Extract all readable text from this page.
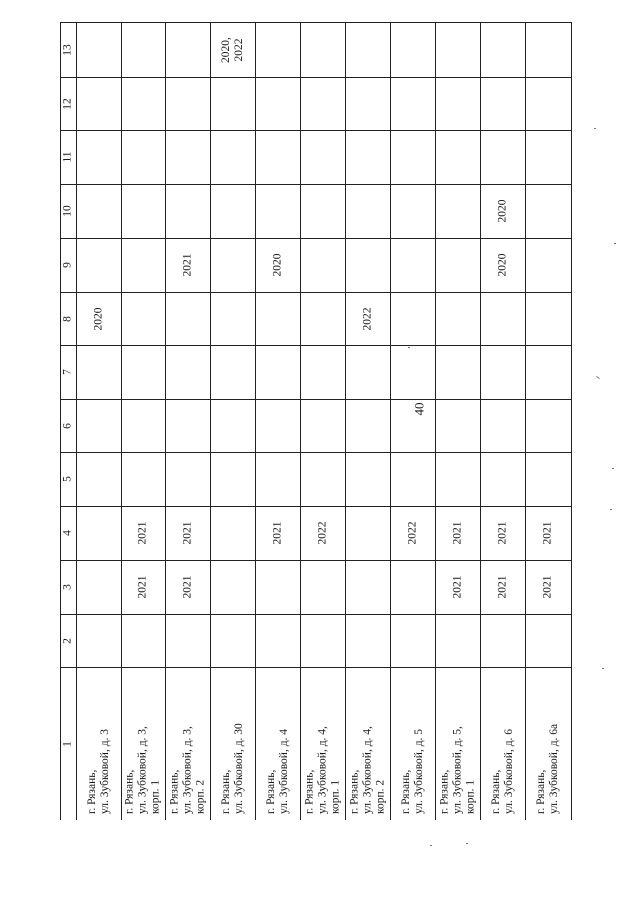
40
1
2
3
4
5
6
7
8
9
10
11
12
13
г. Рязань,
ул. Зубковой, д. 3
2020
г. Рязань,
ул. Зубковой, д. 3,
корп. 1
2021
2021
г. Рязань,
ул. Зубковой, д. 3,
корп. 2
2021
2021
2021
г. Рязань,
ул. Зубковой, д. 30
2020, 2022
г. Рязань,
ул. Зубковой, д. 4
2021
2020
г. Рязань,
ул. Зубковой, д. 4,
корп. 1
2022
г. Рязань,
ул. Зубковой, д. 4,
корп. 2
2022
г. Рязань,
ул. Зубковой, д. 5
2022
г. Рязань,
ул. Зубковой, д. 5,
корп. 1
2021
2021
г. Рязань,
ул. Зубковой, д. 6
2021
2021
2020
2020
г. Рязань,
ул. Зубковой, д. 6а
2021
2021
